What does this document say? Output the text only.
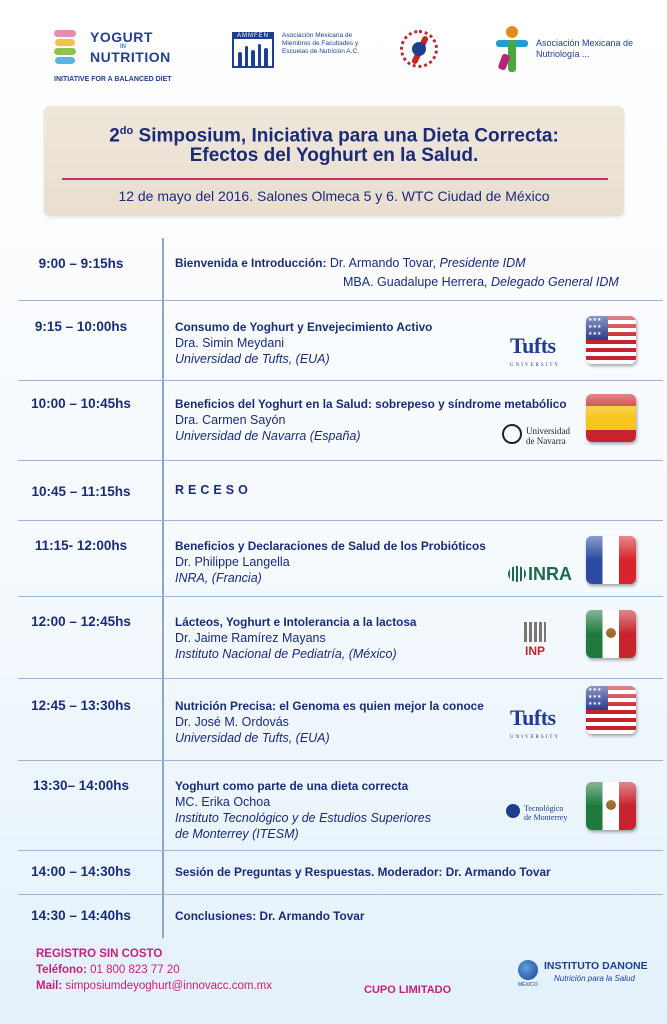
YOGURT
IN
NUTRITION
INITIATIVE FOR A BALANCED DIET
AMMFEN	Asociación Mexicana de Miembros de Facultades y Escuelas de Nutrición A.C.
Asociación Mexicana de Nutriología ...
$2^{do}$ Simposium, Iniciativa para una Dieta Correcta:
Efectos del Yoghurt en la Salud.
12 de mayo del 2016. Salones Olmeca 5 y 6. WTC Ciudad de México
9:00 – 9:15hs	Bienvenida e Introducción: Dr. Armando Tovar, Presidente IDM
MBA. Guadalupe Herrera, Delegado General IDM
9:15 – 10:00hs	Consumo de Yoghurt y Envejecimiento Activo
Dra. Simin Meydani
Universidad de Tufts, (EUA)
Tufts
UNIVERSITY
★★★ ★★★ ★★★
10:00 – 10:45hs	Beneficios del Yoghurt en la Salud: sobrepeso y síndrome metabólico
Dra. Carmen Sayón
Universidad de Navarra (España)	Universidad
de Navarra
10:45 – 11:15hs	RECESO
11:15- 12:00hs	Beneficios y Declaraciones de Salud de los Probióticos
Dr. Philippe Langella
INRA, (Francia)	INRA
12:00 – 12:45hs	Lácteos, Yoghurt e Intolerancia a la lactosa
Dr. Jaime Ramírez Mayans
Instituto Nacional de Pediatría, (México)	INP
12:45 – 13:30hs	Nutrición Precisa: el Genoma es quien mejor la conoce
Dr. José M. Ordovás
Universidad de Tufts, (EUA)
Tufts
UNIVERSITY
★★★ ★★★ ★★★
13:30– 14:00hs	Yoghurt como parte de una dieta correcta
MC. Erika Ochoa
Instituto Tecnológico y de Estudios Superiores
de Monterrey (ITESM)
Tecnológico
de Monterrey
14:00 – 14:30hs	Sesión de Preguntas y Respuestas. Moderador: Dr. Armando Tovar
14:30 – 14:40hs	Conclusiones: Dr. Armando Tovar
REGISTRO SIN COSTO
Teléfono: 01 800 823 77 20
Mail: simposiumdeyoghurt@innovacc.com.mx	CUPO LIMITADO	MÉXICO
INSTITUTO DANONE
Nutrición para la Salud
